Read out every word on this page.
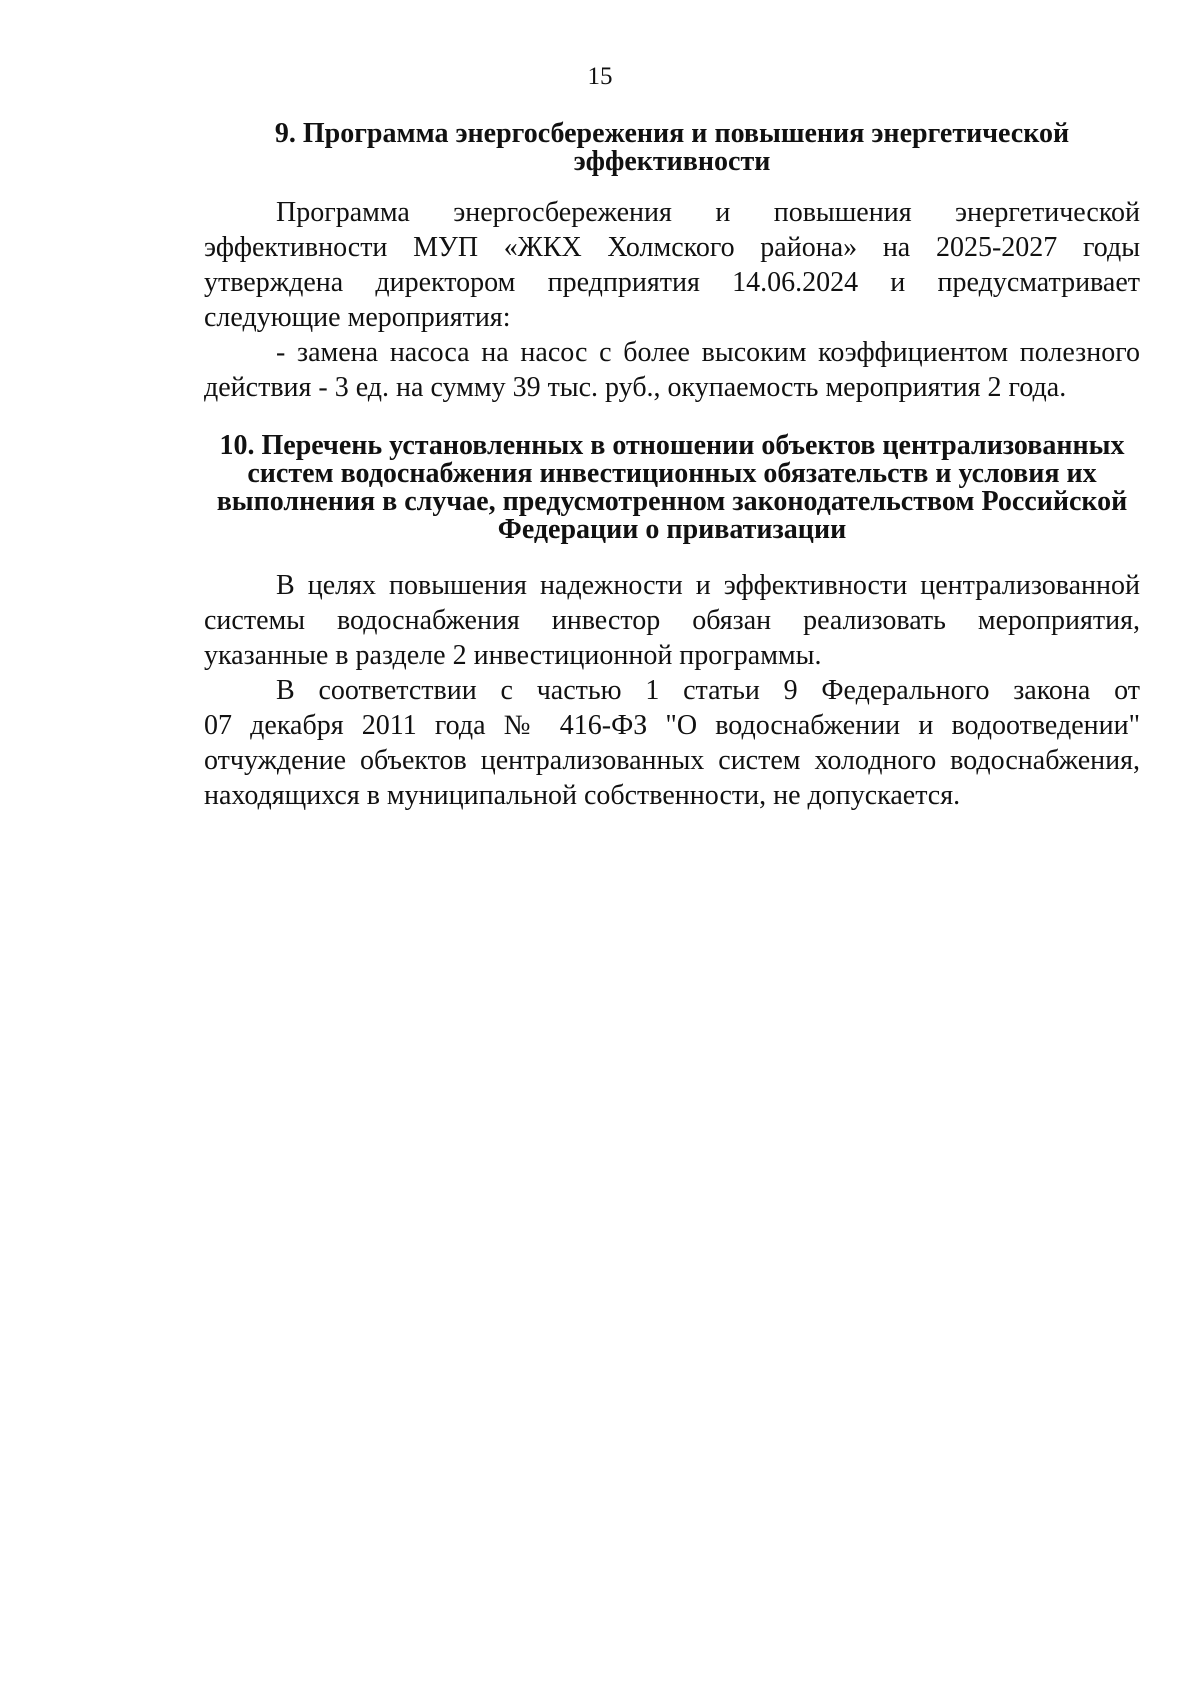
15

9. Программа энергосбережения и повышения энергетической
эффективности

Программа энергосбережения и повышения энергетической
эффективности МУП «ЖКХ Холмского района» на 2025-2027 годы
утверждена директором предприятия 14.06.2024 и предусматривает
следующие мероприятия:

- замена насоса на насос с более высоким коэффициентом полезного
действия - 3 ед. на сумму 39 тыс. руб., окупаемость мероприятия 2 года.

10. Перечень установленных в отношении объектов централизованных
систем водоснабжения инвестиционных обязательств и условия их
выполнения в случае, предусмотренном законодательством Российской
Федерации о приватизации

В целях повышения надежности и эффективности централизованной
системы водоснабжения инвестор обязан реализовать мероприятия,
указанные в разделе 2 инвестиционной программы.

В соответствии с частью 1 статьи 9 Федерального закона от
07 декабря 2011 года № 416-ФЗ "О водоснабжении и водоотведении"
отчуждение объектов централизованных систем холодного водоснабжения,
находящихся в муниципальной собственности, не допускается.
